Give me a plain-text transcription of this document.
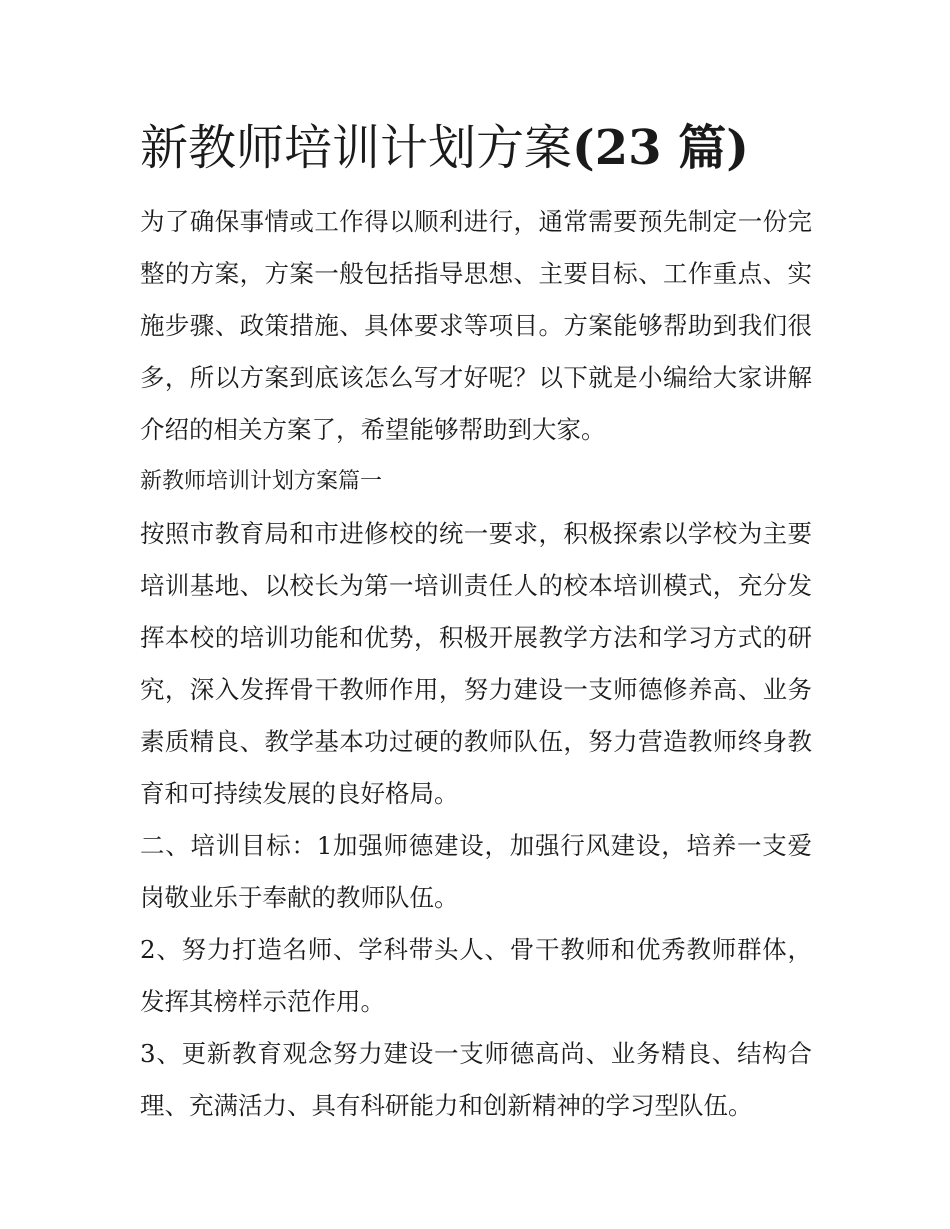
新教师培训计划方案(23 篇)

为了确保事情或工作得以顺利进行，通常需要预先制定一份完整的方案，方案一般包括指导思想、主要目标、工作重点、实施步骤、政策措施、具体要求等项目。方案能够帮助到我们很多，所以方案到底该怎么写才好呢？以下就是小编给大家讲解介绍的相关方案了，希望能够帮助到大家。

新教师培训计划方案篇一

按照市教育局和市进修校的统一要求，积极探索以学校为主要培训基地、以校长为第一培训责任人的校本培训模式，充分发挥本校的培训功能和优势，积极开展教学方法和学习方式的研究，深入发挥骨干教师作用，努力建设一支师德修养高、业务素质精良、教学基本功过硬的教师队伍，努力营造教师终身教育和可持续发展的良好格局。

二、培训目标：1加强师德建设，加强行风建设，培养一支爱岗敬业乐于奉献的教师队伍。

2、努力打造名师、学科带头人、骨干教师和优秀教师群体，发挥其榜样示范作用。

3、更新教育观念努力建设一支师德高尚、业务精良、结构合理、充满活力、具有科研能力和创新精神的学习型队伍。
